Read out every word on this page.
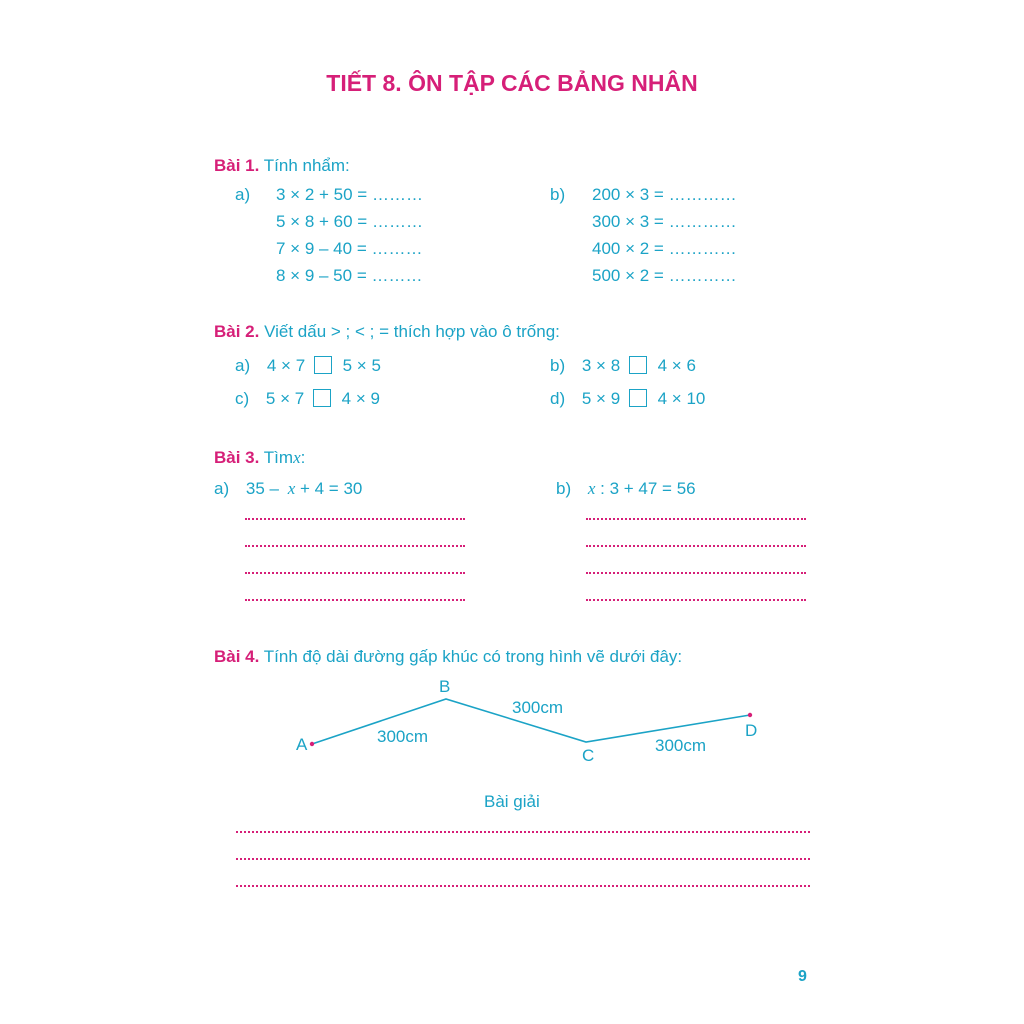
TIẾT 8. ÔN TẬP CÁC BẢNG NHÂN
Bài 1. Tính nhẩm:
a) 3 × 2 + 50 = ………
5 × 8 + 60 = ………
7 × 9 – 40 = ………
8 × 9 – 50 = ………
b) 200 × 3 = …………
300 × 3 = …………
400 × 2 = …………
500 × 2 = …………
Bài 2. Viết dấu > ; < ; = thích hợp vào ô trống:
a) 4 × 7 5 × 5	b) 3 × 8 4 × 6
c) 5 × 7 4 × 9	d) 5 × 9 4 × 10
Bài 3. Tìmx:
a) 35 – x + 4 = 30	b) x : 3 + 47 = 56
Bài 4. Tính độ dài đường gấp khúc có trong hình vẽ dưới đây:
A
B
C
D
300cm
300cm
300cm
Bài giải
9
